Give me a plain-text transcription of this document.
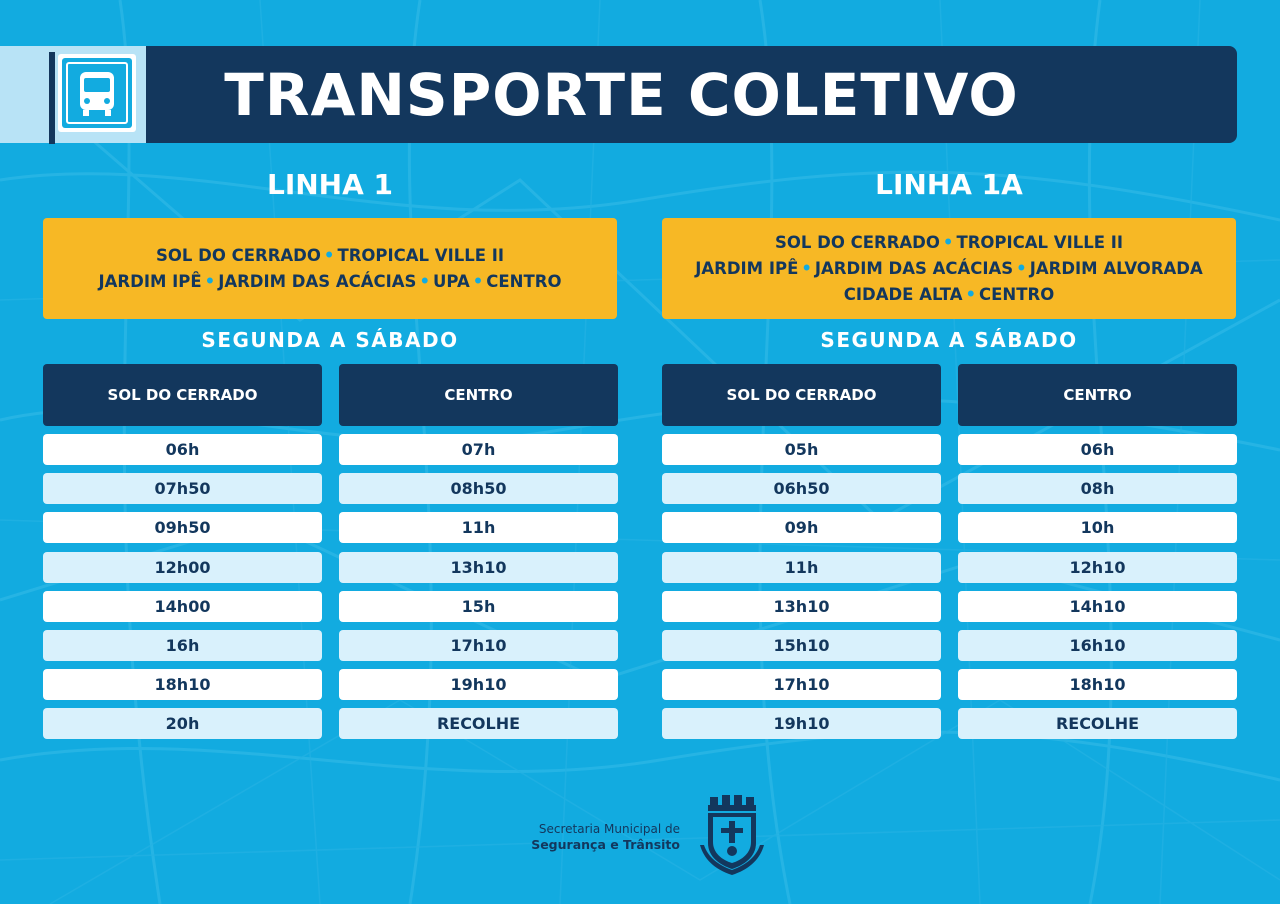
TRANSPORTE COLETIVO
LINHA 1
SOL DO CERRADO • TROPICAL VILLE II
JARDIM IPÊ • JARDIM DAS ACÁCIAS • UPA • CENTRO
SEGUNDA A SÁBADO
SOL DO CERRADO	CENTRO
06h
07h50
09h50
12h00
14h00
16h
18h10
20h
07h
08h50
11h
13h10
15h
17h10
19h10
RECOLHE
LINHA 1A
SOL DO CERRADO • TROPICAL VILLE II
JARDIM IPÊ • JARDIM DAS ACÁCIAS • JARDIM ALVORADA
CIDADE ALTA • CENTRO
SEGUNDA A SÁBADO
SOL DO CERRADO	CENTRO
05h
06h50
09h
11h
13h10
15h10
17h10
19h10
06h
08h
10h
12h10
14h10
16h10
18h10
RECOLHE
Secretaria Municipal de
Segurança e Trânsito
